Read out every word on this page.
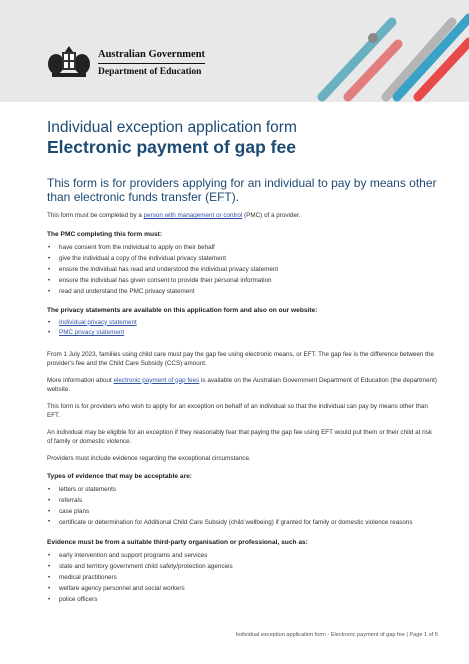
Australian Government
Department of Education
Individual exception application form
Electronic payment of gap fee

This form is for providers applying for an individual to pay by means other than electronic funds transfer (EFT).

This form must be completed by a person with management or control (PMC) of a provider.

The PMC completing this form must:
• have consent from the individual to apply on their behalf
• give the individual a copy of the individual privacy statement
• ensure the individual has read and understood the individual privacy statement
• ensure the individual has given consent to provide their personal information
• read and understand the PMC privacy statement
The privacy statements are available on this application form and also on our website:
• Individual privacy statement
• PMC privacy statement

From 1 July 2023, families using child care must pay the gap fee using electronic means, or EFT. The gap fee is the difference between the provider's fee and the Child Care Subsidy (CCS) amount.

More information about electronic payment of gap fees is available on the Australian Government Department of Education (the department) website.

This form is for providers who wish to apply for an exception on behalf of an individual so that the individual can pay by means other than EFT.

An individual may be eligible for an exception if they reasonably fear that paying the gap fee using EFT would put them or their child at risk of family or domestic violence.

Providers must include evidence regarding the exceptional circumstance.

Types of evidence that may be acceptable are:
• letters or statements
• referrals
• case plans
• certificate or determination for Additional Child Care Subsidy (child wellbeing) if granted for family or domestic violence reasons
Evidence must be from a suitable third-party organisation or professional, such as:
• early intervention and support programs and services
• state and territory government child safety/protection agencies
• medical practitioners
• welfare agency personnel and social workers
• police officers
Individual exception application form - Electronic payment of gap fee | Page 1 of 5
